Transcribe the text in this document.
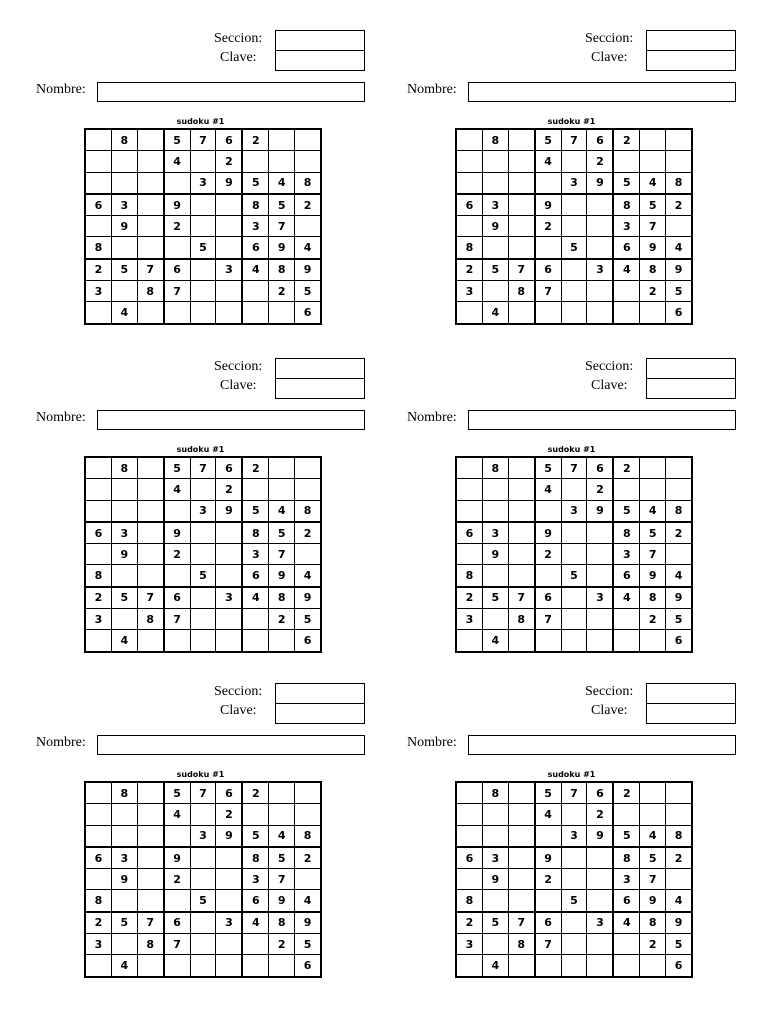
Seccion:
Clave:
Nombre:
sudoku #1
	8		5	7	6	2		
			4		2			
				3	9	5	4	8
6	3		9			8	5	2
	9		2			3	7	
8				5		6	9	4
2	5	7	6		3	4	8	9
3		8	7				2	5
	4							6
Seccion:
Clave:
Nombre:
sudoku #1
	8		5	7	6	2		
			4		2			
				3	9	5	4	8
6	3		9			8	5	2
	9		2			3	7	
8				5		6	9	4
2	5	7	6		3	4	8	9
3		8	7				2	5
	4							6
Seccion:
Clave:
Nombre:
sudoku #1
	8		5	7	6	2		
			4		2			
				3	9	5	4	8
6	3		9			8	5	2
	9		2			3	7	
8				5		6	9	4
2	5	7	6		3	4	8	9
3		8	7				2	5
	4							6
Seccion:
Clave:
Nombre:
sudoku #1
	8		5	7	6	2		
			4		2			
				3	9	5	4	8
6	3		9			8	5	2
	9		2			3	7	
8				5		6	9	4
2	5	7	6		3	4	8	9
3		8	7				2	5
	4							6
Seccion:
Clave:
Nombre:
sudoku #1
	8		5	7	6	2		
			4		2			
				3	9	5	4	8
6	3		9			8	5	2
	9		2			3	7	
8				5		6	9	4
2	5	7	6		3	4	8	9
3		8	7				2	5
	4							6
Seccion:
Clave:
Nombre:
sudoku #1
	8		5	7	6	2		
			4		2			
				3	9	5	4	8
6	3		9			8	5	2
	9		2			3	7	
8				5		6	9	4
2	5	7	6		3	4	8	9
3		8	7				2	5
	4							6
